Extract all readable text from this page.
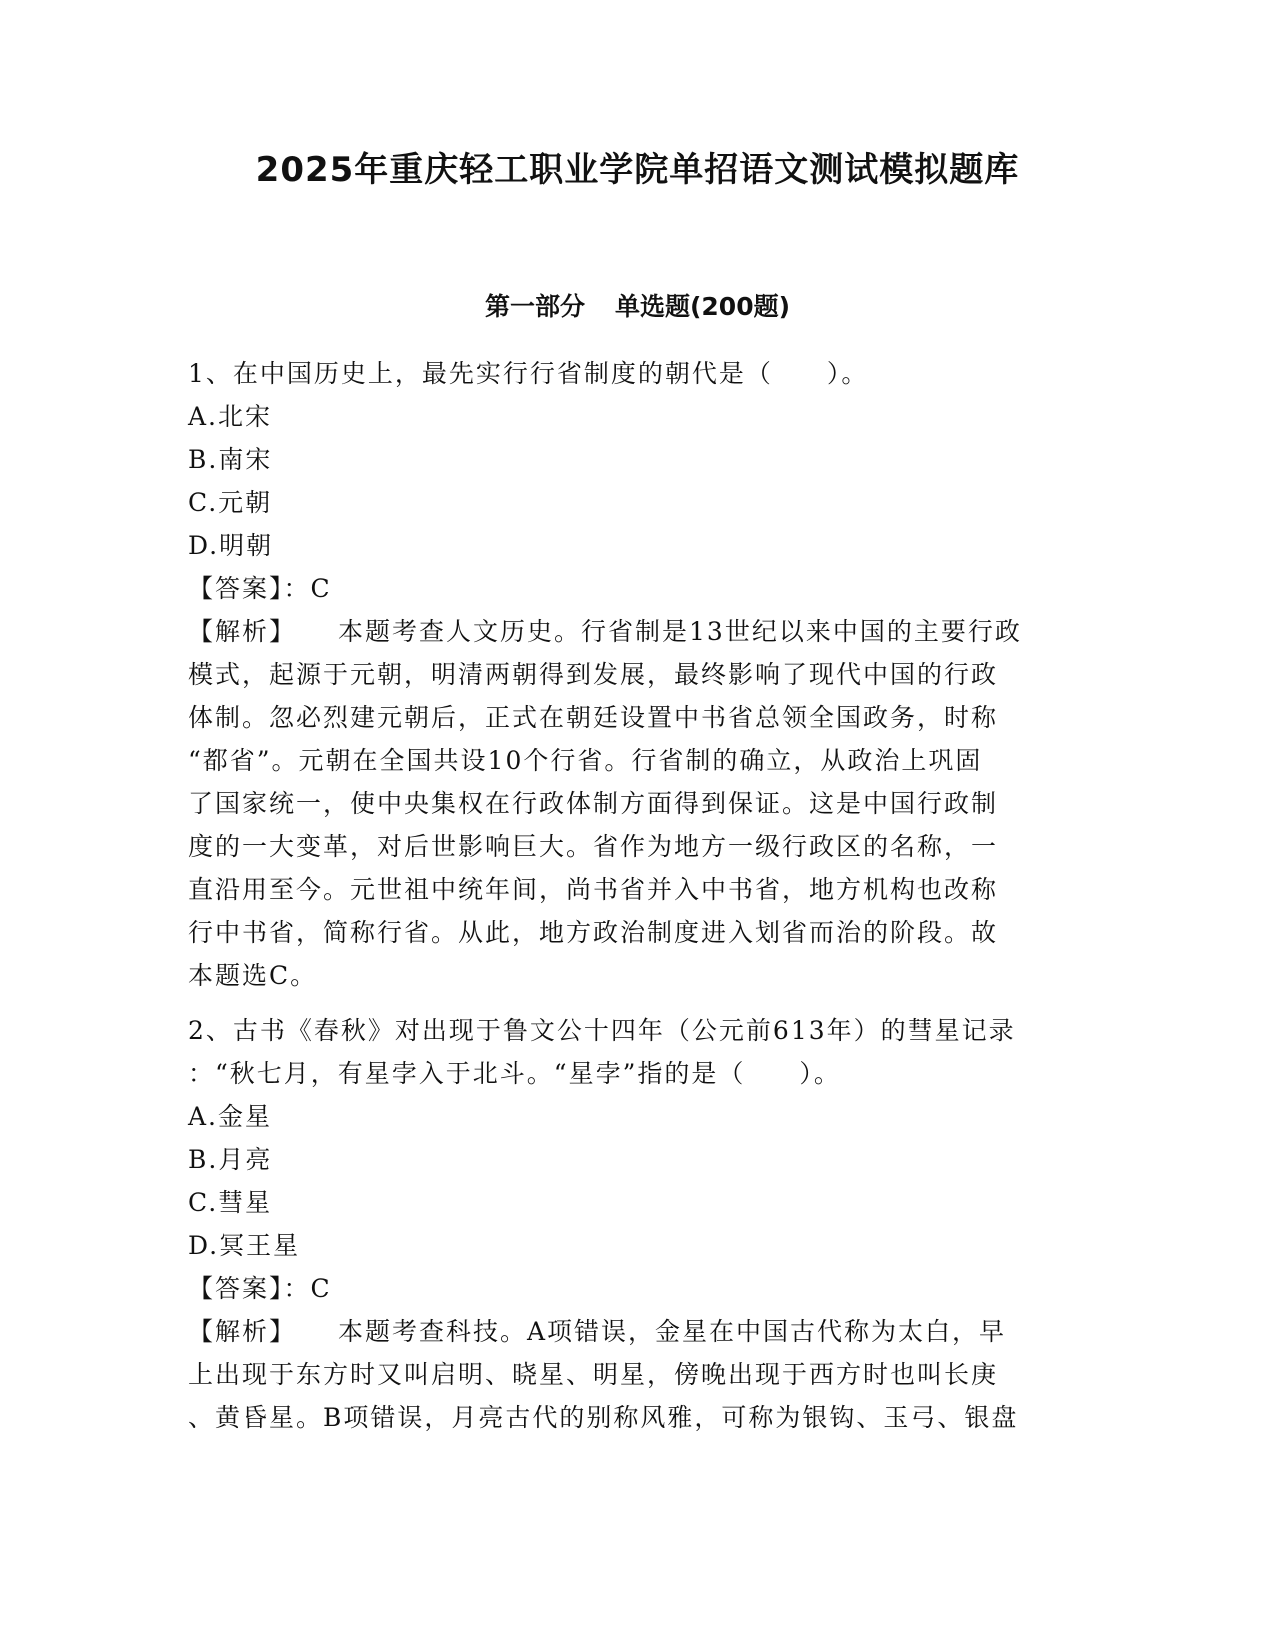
2025年重庆轻工职业学院单招语文测试模拟题库
第一部分 单选题(200题)

1、在中国历史上，最先实行行省制度的朝代是（　　）。

A.北宋

B.南宋

C.元朝

D.明朝

【答案】：C

【解析】 本题考查人文历史。行省制是13世纪以来中国的主要行政

模式，起源于元朝，明清两朝得到发展，最终影响了现代中国的行政

体制。忽必烈建元朝后，正式在朝廷设置中书省总领全国政务，时称

“都省”。元朝在全国共设10个行省。行省制的确立，从政治上巩固

了国家统一，使中央集权在行政体制方面得到保证。这是中国行政制

度的一大变革，对后世影响巨大。省作为地方一级行政区的名称，一

直沿用至今。元世祖中统年间，尚书省并入中书省，地方机构也改称

行中书省，简称行省。从此，地方政治制度进入划省而治的阶段。故

本题选C。

2、古书《春秋》对出现于鲁文公十四年（公元前613年）的彗星记录

：“秋七月，有星孛入于北斗。“星孛”指的是（　　）。

A.金星

B.月亮

C.彗星

D.冥王星

【答案】：C

【解析】 本题考查科技。A项错误，金星在中国古代称为太白，早

上出现于东方时又叫启明、晓星、明星，傍晚出现于西方时也叫长庚

、黄昏星。B项错误，月亮古代的别称风雅，可称为银钩、玉弓、银盘
